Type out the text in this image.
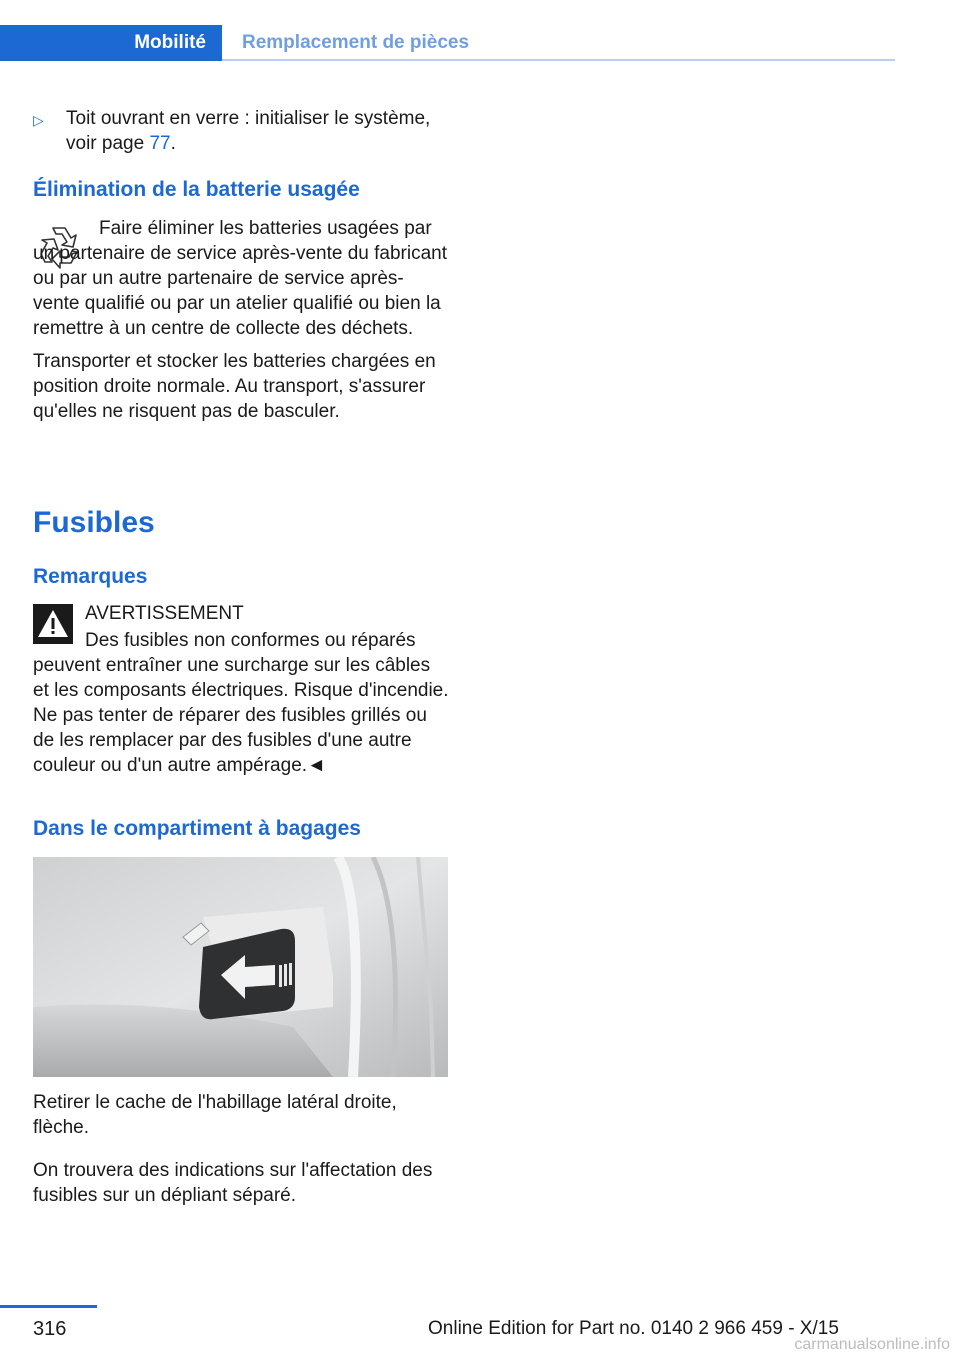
Mobilité Remplacement de pièces
▷ Toit ouvrant en verre : initialiser le système, voir page 77.
Élimination de la batterie usagée

Faire éliminer les batteries usagées par un partenaire de service après-vente du fabricant ou par un autre partenaire de service après-vente qualifié ou par un atelier qualifié ou bien la remettre à un centre de collecte des déchets.

Transporter et stocker les batteries chargées en position droite normale. Au transport, s'assurer qu'elles ne risquent pas de basculer.

Fusibles
Remarques

AVERTISSEMENT

Des fusibles non conformes ou réparés peuvent entraîner une surcharge sur les câbles et les composants électriques. Risque d'incendie. Ne pas tenter de réparer des fusibles grillés ou de les remplacer par des fusibles d'une autre couleur ou d'un autre ampérage.◄

Dans le compartiment à bagages

Retirer le cache de l'habillage latéral droite, flèche.

On trouvera des indications sur l'affectation des fusibles sur un dépliant séparé.

316	Online Edition for Part no. 0140 2 966 459 - X/15
carmanualsonline.info
